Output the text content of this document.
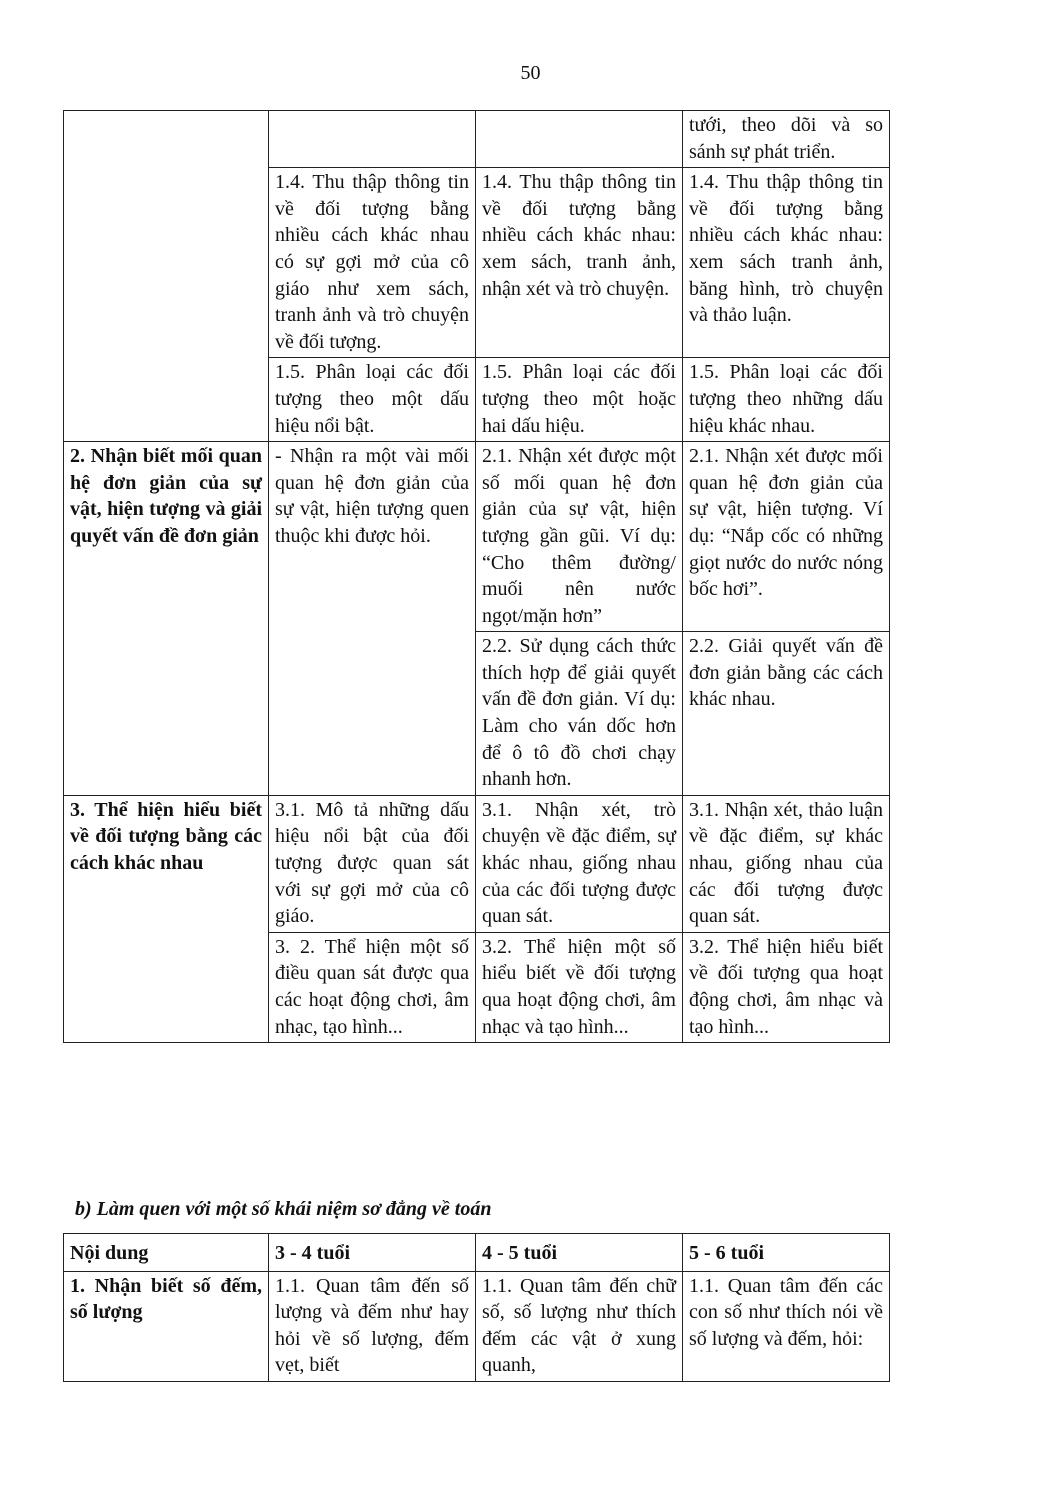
50
			tưới, theo dõi và so sánh sự phát triển.
	1.4. Thu thập thông tin về đối tượng bằng nhiều cách khác nhau có sự gợi mở của cô giáo như xem sách, tranh ảnh và trò chuyện về đối tượng.	1.4. Thu thập thông tin về đối tượng bằng nhiều cách khác nhau: xem sách, tranh ảnh, nhận xét và trò chuyện.	1.4. Thu thập thông tin về đối tượng bằng nhiều cách khác nhau: xem sách tranh ảnh, băng hình, trò chuyện và thảo luận.
	1.5. Phân loại các đối tượng theo một dấu hiệu nổi bật.	1.5. Phân loại các đối tượng theo một hoặc hai dấu hiệu.	1.5. Phân loại các đối tượng theo những dấu hiệu khác nhau.
2. Nhận biết mối quan hệ đơn giản của sự vật, hiện tượng và giải quyết vấn đề đơn giản	- Nhận ra một vài mối quan hệ đơn giản của sự vật, hiện tượng quen thuộc khi được hỏi.	2.1. Nhận xét được một số mối quan hệ đơn giản của sự vật, hiện tượng gần gũi. Ví dụ: “Cho thêm đường/ muối nên nước ngọt/mặn hơn”	2.1. Nhận xét được mối quan hệ đơn giản của sự vật, hiện tượng. Ví dụ: “Nắp cốc có những giọt nước do nước nóng bốc hơi”.
		2.2. Sử dụng cách thức thích hợp để giải quyết vấn đề đơn giản. Ví dụ: Làm cho ván dốc hơn để ô tô đồ chơi chạy nhanh hơn.	2.2. Giải quyết vấn đề đơn giản bằng các cách khác nhau.
3. Thể hiện hiểu biết về đối tượng bằng các cách khác nhau	3.1. Mô tả những dấu hiệu nổi bật của đối tượng được quan sát với sự gợi mở của cô giáo.	3.1. Nhận xét, trò chuyện về đặc điểm, sự khác nhau, giống nhau của các đối tượng được quan sát.	3.1. Nhận xét, thảo luận về đặc điểm, sự khác nhau, giống nhau của các đối tượng được quan sát.
	3. 2. Thể hiện một số điều quan sát được qua các hoạt động chơi, âm nhạc, tạo hình...	3.2. Thể hiện một số hiểu biết về đối tượng qua hoạt động chơi, âm nhạc và tạo hình...	3.2. Thể hiện hiểu biết về đối tượng qua hoạt động chơi, âm nhạc và tạo hình...
b) Làm quen với một số khái niệm sơ đẳng về toán
Nội dung	3 - 4 tuổi	4 - 5 tuổi	5 - 6 tuổi
1. Nhận biết số đếm, số lượng	1.1. Quan tâm đến số lượng và đếm như hay hỏi về số lượng, đếm vẹt, biết	1.1. Quan tâm đến chữ số, số lượng như thích đếm các vật ở xung quanh,	1.1. Quan tâm đến các con số như thích nói về số lượng và đếm, hỏi:
